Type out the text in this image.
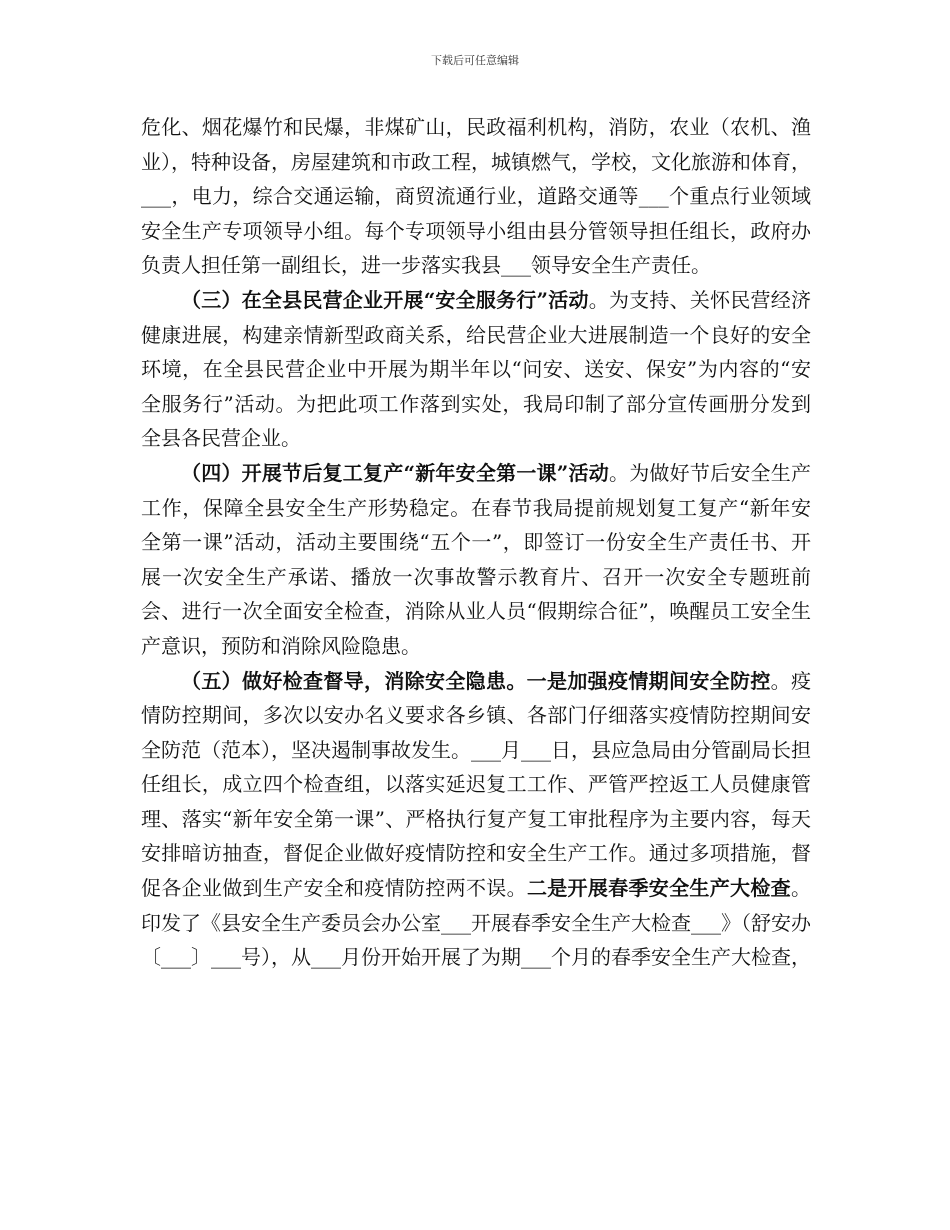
下载后可任意编辑

危化、烟花爆竹和民爆，非煤矿山，民政福利机构，消防，农业（农机、渔业），特种设备，房屋建筑和市政工程，城镇燃气，学校，文化旅游和体育，___，电力，综合交通运输，商贸流通行业，道路交通等___个重点行业领域安全生产专项领导小组。每个专项领导小组由县分管领导担任组长，政府办负责人担任第一副组长，进一步落实我县___领导安全生产责任。

（三）在全县民营企业开展“安全服务行”活动。为支持、关怀民营经济健康进展，构建亲情新型政商关系，给民营企业大进展制造一个良好的安全环境，在全县民营企业中开展为期半年以“问安、送安、保安”为内容的“安全服务行”活动。为把此项工作落到实处，我局印制了部分宣传画册分发到全县各民营企业。

（四）开展节后复工复产“新年安全第一课”活动。为做好节后安全生产工作，保障全县安全生产形势稳定。在春节我局提前规划复工复产“新年安全第一课”活动，活动主要围绕“五个一”，即签订一份安全生产责任书、开展一次安全生产承诺、播放一次事故警示教育片、召开一次安全专题班前会、进行一次全面安全检查，消除从业人员“假期综合征”，唤醒员工安全生产意识，预防和消除风险隐患。

（五）做好检查督导，消除安全隐患。一是加强疫情期间安全防控。疫情防控期间，多次以安办名义要求各乡镇、各部门仔细落实疫情防控期间安全防范（范本），坚决遏制事故发生。___月___日，县应急局由分管副局长担任组长，成立四个检查组，以落实延迟复工工作、严管严控返工人员健康管理、落实“新年安全第一课”、严格执行复产复工审批程序为主要内容，每天安排暗访抽查，督促企业做好疫情防控和安全生产工作。通过多项措施，督促各企业做到生产安全和疫情防控两不误。二是开展春季安全生产大检查。印发了《县安全生产委员会办公室___开展春季安全生产大检查___》（舒安办〔___〕___号），从___月份开始开展了为期___个月的春季安全生产大检查，
